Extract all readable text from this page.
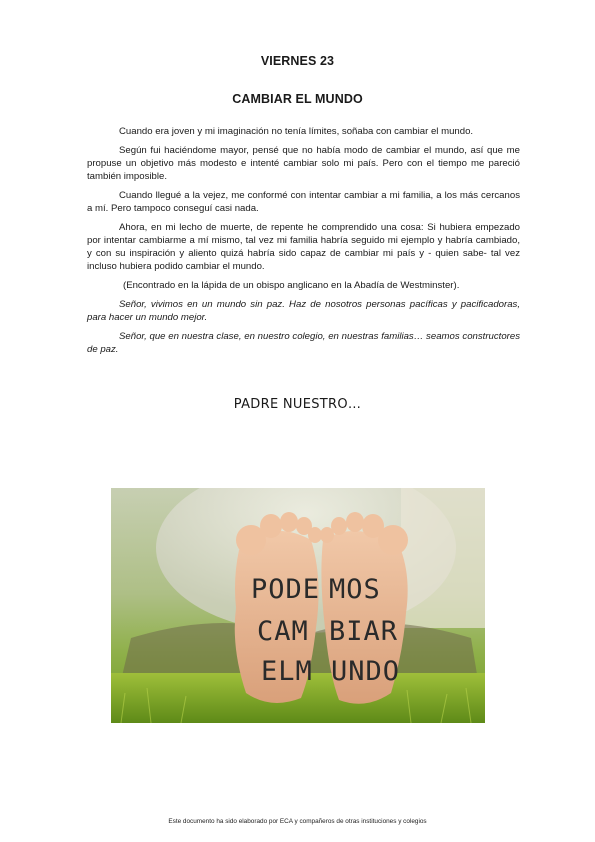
VIERNES 23
CAMBIAR EL MUNDO

Cuando era joven y mi imaginación no tenía límites, soñaba con cambiar el mundo.

Según fui haciéndome mayor, pensé que no había modo de cambiar el mundo, así que me propuse un objetivo más modesto e intenté cambiar solo mi país. Pero con el tiempo me pareció también imposible.

Cuando llegué a la vejez, me conformé con intentar cambiar a mi familia, a los más cercanos a mí. Pero tampoco conseguí casi nada.

Ahora, en mi lecho de muerte, de repente he comprendido una cosa: Si hubiera empezado por intentar cambiarme a mí mismo, tal vez mi familia habría seguido mi ejemplo y habría cambiado, y con su inspiración y aliento quizá habría sido capaz de cambiar mi país y - quien sabe- tal vez incluso hubiera podido cambiar el mundo.

(Encontrado en la lápida de un obispo anglicano en la Abadía de Westminster).

Señor, vivimos en un mundo sin paz. Haz de nosotros personas pacíficas y pacificadoras, para hacer un mundo mejor.

Señor, que en nuestra clase, en nuestro colegio, en nuestras familias… seamos constructores de paz.

PADRE NUESTRO…
PODE
CAM
ELM
MOS
BIAR
UNDO
Este documento ha sido elaborado por ECA y compañeros de otras instituciones y colegios
